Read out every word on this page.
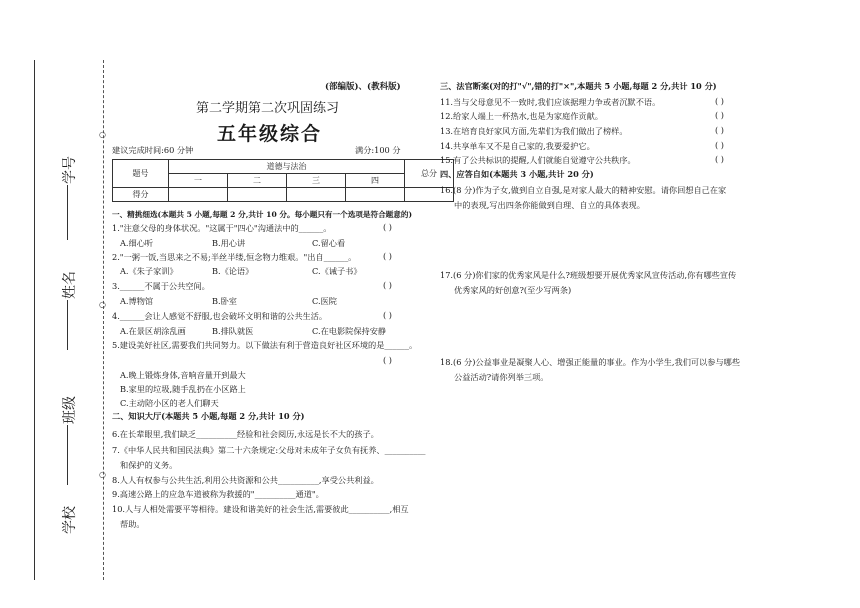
○
○
○
学号
姓名
班级
学校
(部编版)、(教科版)
第二学期第二次巩固练习
五年级综合
建议完成时间:60 分钟	满分:100 分
题号	道德与法治				总分
	一	二	三	四	
得分					
一、精挑细选(本题共 5 小题,每题 2 分,共计 10 分。每小题只有一个选项是符合题意的)
1."注意父母的身体状况。"这属于"四心"沟通法中的______。	( )
A.细心听	B.用心讲	C.留心看
2."一粥一饭,当思来之不易;半丝半缕,恒念物力维艰。"出自______。	( )
A.《朱子家训》	B.《论语》	C.《诫子书》
3.______不属于公共空间。	( )
A.博物馆	B.卧室	C.医院
4.______会让人感觉不舒服,也会破坏文明和谐的公共生活。	( )
A.在景区胡涂乱画	B.排队就医	C.在电影院保持安静
5.建设美好社区,需要我们共同努力。以下做法有利于营造良好社区环境的是______。
( )
A.晚上锻炼身体,音响音量开到最大
B.家里的垃圾,随手乱扔在小区路上
C.主动陪小区的老人们聊天
二、知识大厅(本题共 5 小题,每题 2 分,共计 10 分)
6.在长辈眼里,我们缺乏__________经验和社会阅历,永远是长不大的孩子。
7.《中华人民共和国民法典》第二十六条规定:父母对未成年子女负有抚养、__________
和保护的义务。
8.人人有权参与公共生活,利用公共资源和公共__________,享受公共利益。
9.高速公路上的应急车道被称为救援的"__________通道"。
10.人与人相处需要平等相待。建设和谐美好的社会生活,需要彼此__________,相互
帮助。
三、法官断案(对的打"√",错的打"×",本题共 5 小题,每题 2 分,共计 10 分)
11.当与父母意见不一致时,我们应该据理力争或者沉默不语。	( )
12.给家人端上一杯热水,也是为家庭作贡献。	( )
13.在培育良好家风方面,先辈们为我们做出了榜样。	( )
14.共享单车又不是自己家的,我要爱护它。	( )
15.有了公共标识的提醒,人们就能自觉遵守公共秩序。	( )
四、应答自如(本题共 3 小题,共计 20 分)
16.(8 分)作为子女,做到自立自强,是对家人最大的精神安慰。请你回想自己在家
中的表现,写出四条你能做到自理、自立的具体表现。
17.(6 分)你们家的优秀家风是什么?班级想要开展优秀家风宣传活动,你有哪些宣传
优秀家风的好创意?(至少写两条)
18.(6 分)公益事业是凝聚人心、增强正能量的事业。作为小学生,我们可以参与哪些
公益活动?请你列举三项。
